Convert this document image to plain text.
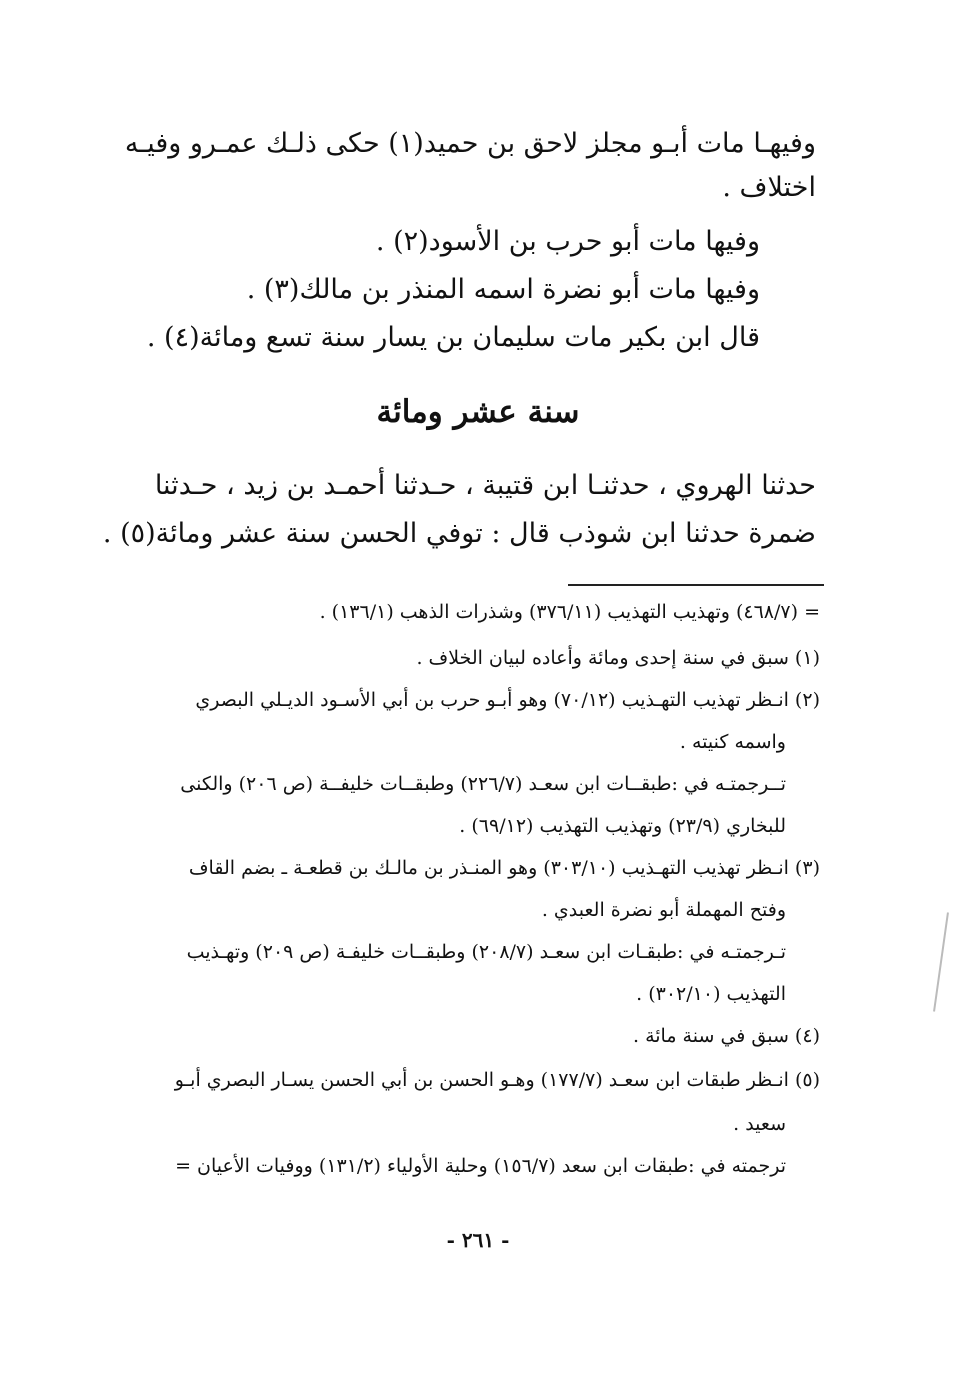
وفيهـا مات أبـو مجلز لاحق بن حميد(١) حكى ذلـك عمـرو وفيـه
اختلاف .
وفيها مات أبو حرب بن الأسود(٢) .
وفيها مات أبو نضرة اسمه المنذر بن مالك(٣) .
قال ابن بكير مات سليمان بن يسار سنة تسع ومائة(٤) .
سنة عشر ومائة
حدثنا الهروي ، حدثنـا ابن قتيبة ، حـدثنا أحمـد بن زيد ، حـدثنا
ضمرة حدثنا ابن شوذب قال : توفي الحسن سنة عشر ومائة(٥) .
= (٤٦٨/٧) وتهذيب التهذيب (٣٧٦/١١) وشذرات الذهب (١٣٦/١) .
(١) سبق في سنة إحدى ومائة وأعاده لبيان الخلاف .
(٢) انـظر تهذيب التهـذيب (٧٠/١٢) وهو أبـو حرب بن أبي الأسـود الديـلي البصري
واسمه كنيته .
تــرجمتـه في :طبقــات ابن سعـد (٢٢٦/٧) وطبقــات خليفــة (ص ٢٠٦) والكنى
للبخاري (٢٣/٩) وتهذيب التهذيب (٦٩/١٢) .
(٣) انـظر تهذيب التهـذيب (٣٠٣/١٠) وهو المنـذر بن مالـك بن قطعـة ـ بضم القاف
وفتح المهملة أبو نضرة العبدي .
تـرجمتـه في :طبقـات ابن سعـد (٢٠٨/٧) وطبقــات خليفـة (ص ٢٠٩) وتهـذيب
التهذيب (٣٠٢/١٠) .
(٤) سبق في سنة مائة .
(٥) انـظر طبقات ابن سعـد (١٧٧/٧) وهـو الحسن بن أبي الحسن يسـار البصري أبـو
سعيد .
ترجمته في :طبقات ابن سعد (١٥٦/٧) وحلية الأولياء (١٣١/٢) ووفيات الأعيان =
- ٢٦١ -
